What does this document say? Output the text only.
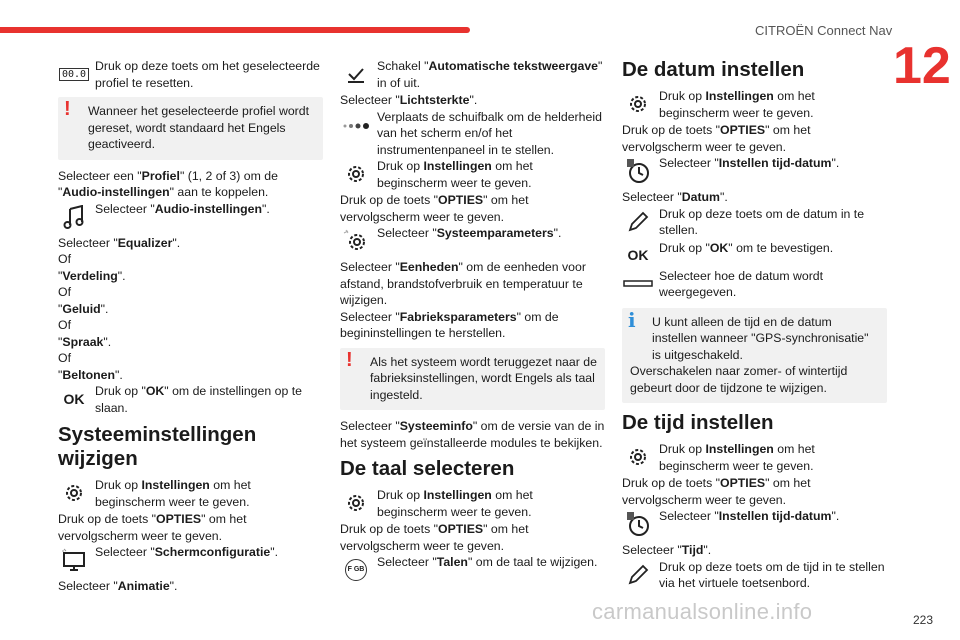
CITROËN Connect Nav
12
00.0

Druk op deze toets om het geselecteerde profiel te resetten.

!	Wanneer het geselecteerde profiel wordt gereset, wordt standaard het Engels geactiveerd.

Selecteer een "Profiel" (1, 2 of 3) om de "Audio-instellingen" aan te koppelen.

Selecteer "Audio-instellingen".

Selecteer "Equalizer".

Of

"Verdeling".

Of

"Geluid".

Of

"Spraak".

Of

"Beltonen".

OK Druk op "OK" om de instellingen op te slaan.

Systeeminstellingen wijzigen

Druk op Instellingen om het beginscherm weer te geven.

Druk op de toets "OPTIES" om het vervolgscherm weer te geven.

Selecteer "Schermconfiguratie".

Selecteer "Animatie".

Schakel "Automatische tekstweergave" in of uit.

Selecteer "Lichtsterkte".

Verplaats de schuifbalk om de helderheid van het scherm en/of het instrumentenpaneel in te stellen.

Druk op Instellingen om het beginscherm weer te geven.

Druk op de toets "OPTIES" om het vervolgscherm weer te geven.

Selecteer "Systeemparameters".

Selecteer "Eenheden" om de eenheden voor afstand, brandstofverbruik en temperatuur te wijzigen.

Selecteer "Fabrieksparameters" om de begininstellingen te herstellen.

!	Als het systeem wordt teruggezet naar de fabrieksinstellingen, wordt Engels als taal ingesteld.

Selecteer "Systeeminfo" om de versie van de in het systeem geïnstalleerde modules te bekijken.

De taal selecteren

Druk op Instellingen om het beginscherm weer te geven.

Druk op de toets "OPTIES" om het vervolgscherm weer te geven.

F GB

Selecteer "Talen" om de taal te wijzigen.

De datum instellen

Druk op Instellingen om het beginscherm weer te geven.

Druk op de toets "OPTIES" om het vervolgscherm weer te geven.

Selecteer "Instellen tijd-datum".

Selecteer "Datum".

Druk op deze toets om de datum in te stellen.

OK Druk op "OK" om te bevestigen.

Selecteer hoe de datum wordt weergegeven.

i	U kunt alleen de tijd en de datum instellen wanneer "GPS-synchronisatie" is uitgeschakeld.
Overschakelen naar zomer- of wintertijd gebeurt door de tijdzone te wijzigen.
De tijd instellen

Druk op Instellingen om het beginscherm weer te geven.

Druk op de toets "OPTIES" om het vervolgscherm weer te geven.

Selecteer "Instellen tijd-datum".

Selecteer "Tijd".

Druk op deze toets om de tijd in te stellen via het virtuele toetsenbord.

carmanualsonline.info	223
